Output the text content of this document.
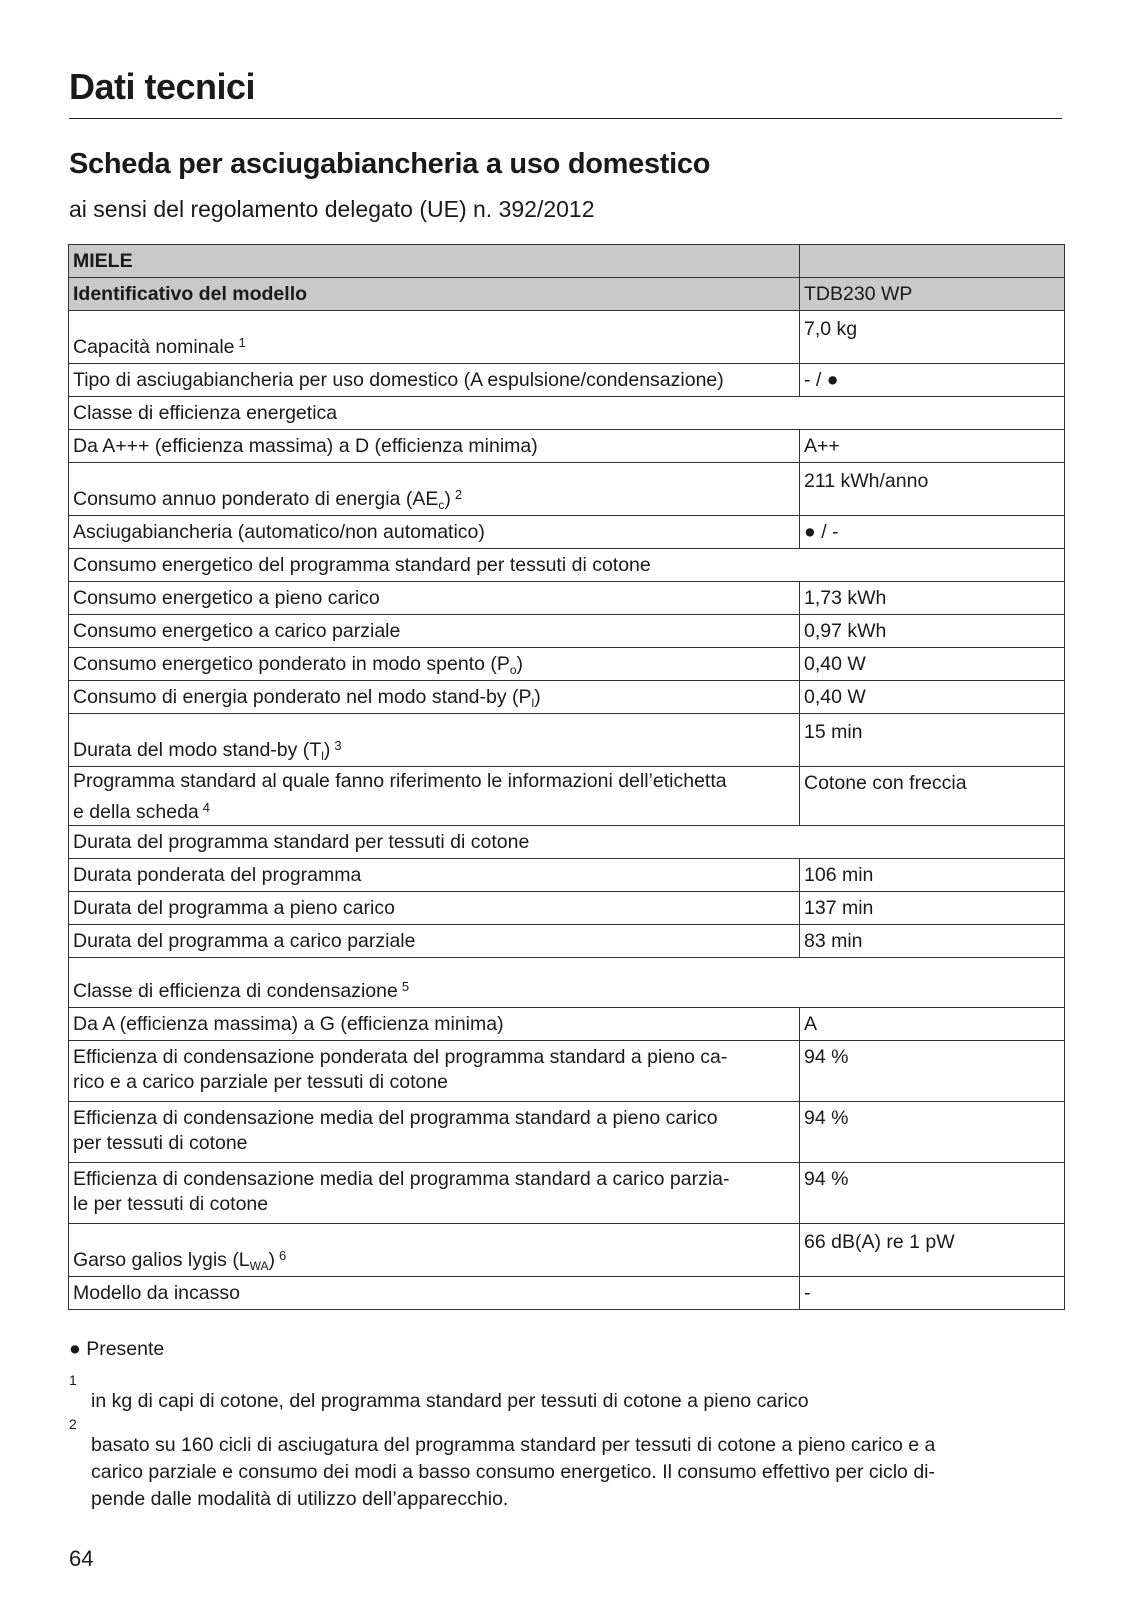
Dati tecnici
Scheda per asciugabiancheria a uso domestico
ai sensi del regolamento delegato (UE) n. 392/2012
MIELE	
Identificativo del modello	TDB230 WP
Capacità nominale $^1$	7,0 kg
Tipo di asciugabiancheria per uso domestico (A espulsione/condensazione)	- / ●
Classe di efficienza energetica	
Da A+++ (efficienza massima) a D (efficienza minima)	A++
Consumo annuo ponderato di energia $(AE_c)$ $^2$	211 kWh/anno
Asciugabiancheria (automatico/non automatico)	● / -
Consumo energetico del programma standard per tessuti di cotone	
Consumo energetico a pieno carico	1,73 kWh
Consumo energetico a carico parziale	0,97 kWh
Consumo energetico ponderato in modo spento $(P_o)$	0,40 W
Consumo di energia ponderato nel modo stand-by $(P_l)$	0,40 W
Durata del modo stand-by $(T_l)$ $^3$	15 min

Programma standard al quale fanno riferimento le informazioni dell’etichetta
e della scheda $^4$	Cotone con freccia
Durata del programma standard per tessuti di cotone	
Durata ponderata del programma	106 min
Durata del programma a pieno carico	137 min
Durata del programma a carico parziale	83 min
Classe di efficienza di condensazione $^5$
Da A (efficienza massima) a G (efficienza minima)	A

Efficienza di condensazione ponderata del programma standard a pieno ca-
rico e a carico parziale per tessuti di cotone	94 %

Efficienza di condensazione media del programma standard a pieno carico
per tessuti di cotone	94 %

Efficienza di condensazione media del programma standard a carico parzia-
le per tessuti di cotone	94 %
Garso galios lygis $(L_{WA})$ $^6$	66 dB(A) re 1 pW
Modello da incasso	-
● Presente
1
in kg di capi di cotone, del programma standard per tessuti di cotone a pieno carico
2
basato su 160 cicli di asciugatura del programma standard per tessuti di cotone a pieno carico e a
carico parziale e consumo dei modi a basso consumo energetico. Il consumo effettivo per ciclo di-
pende dalle modalità di utilizzo dell’apparecchio.
64
